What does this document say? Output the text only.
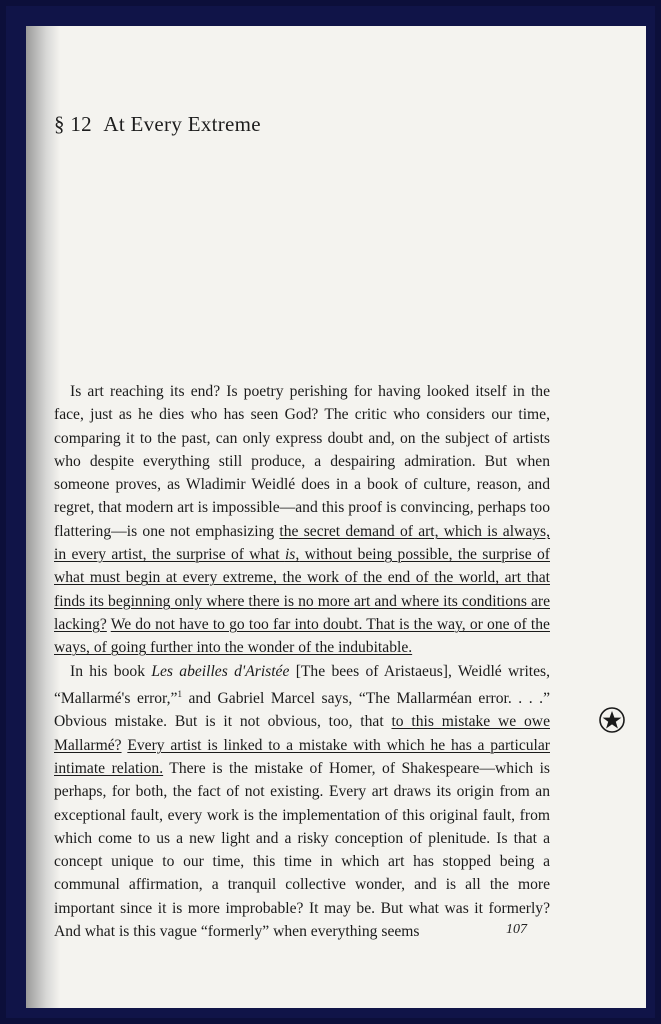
§ 12 At Every Extreme

Is art reaching its end? Is poetry perishing for having looked itself in the face, just as he dies who has seen God? The critic who considers our time, comparing it to the past, can only express doubt and, on the subject of artists who despite everything still produce, a despairing admiration. But when someone proves, as Wladimir Weidlé does in a book of culture, reason, and regret, that modern art is impossible—and this proof is convincing, perhaps too flattering—is one not emphasizing the secret demand of art, which is always, in every artist, the surprise of what is, without being possible, the surprise of what must begin at every extreme, the work of the end of the world, art that finds its beginning only where there is no more art and where its conditions are lacking? We do not have to go too far into doubt. That is the way, or one of the ways, of going further into the wonder of the indubitable.

In his book Les abeilles d'Aristée [The bees of Aristaeus], Weidlé writes, “Mallarmé's error,”$^1$ and Gabriel Marcel says, “The Mallarméan error. . . .” Obvious mistake. But is it not obvious, too, that to this mistake we owe Mallarmé? Every artist is linked to a mistake with which he has a particular intimate relation. There is the mistake of Homer, of Shakespeare—which is perhaps, for both, the fact of not existing. Every art draws its origin from an exceptional fault, every work is the implementation of this original fault, from which come to us a new light and a risky conception of plenitude. Is that a concept unique to our time, this time in which art has stopped being a communal affirmation, a tranquil collective wonder, and is all the more important since it is more improbable? It may be. But what was it formerly? And what is this vague “formerly” when everything seems	107
